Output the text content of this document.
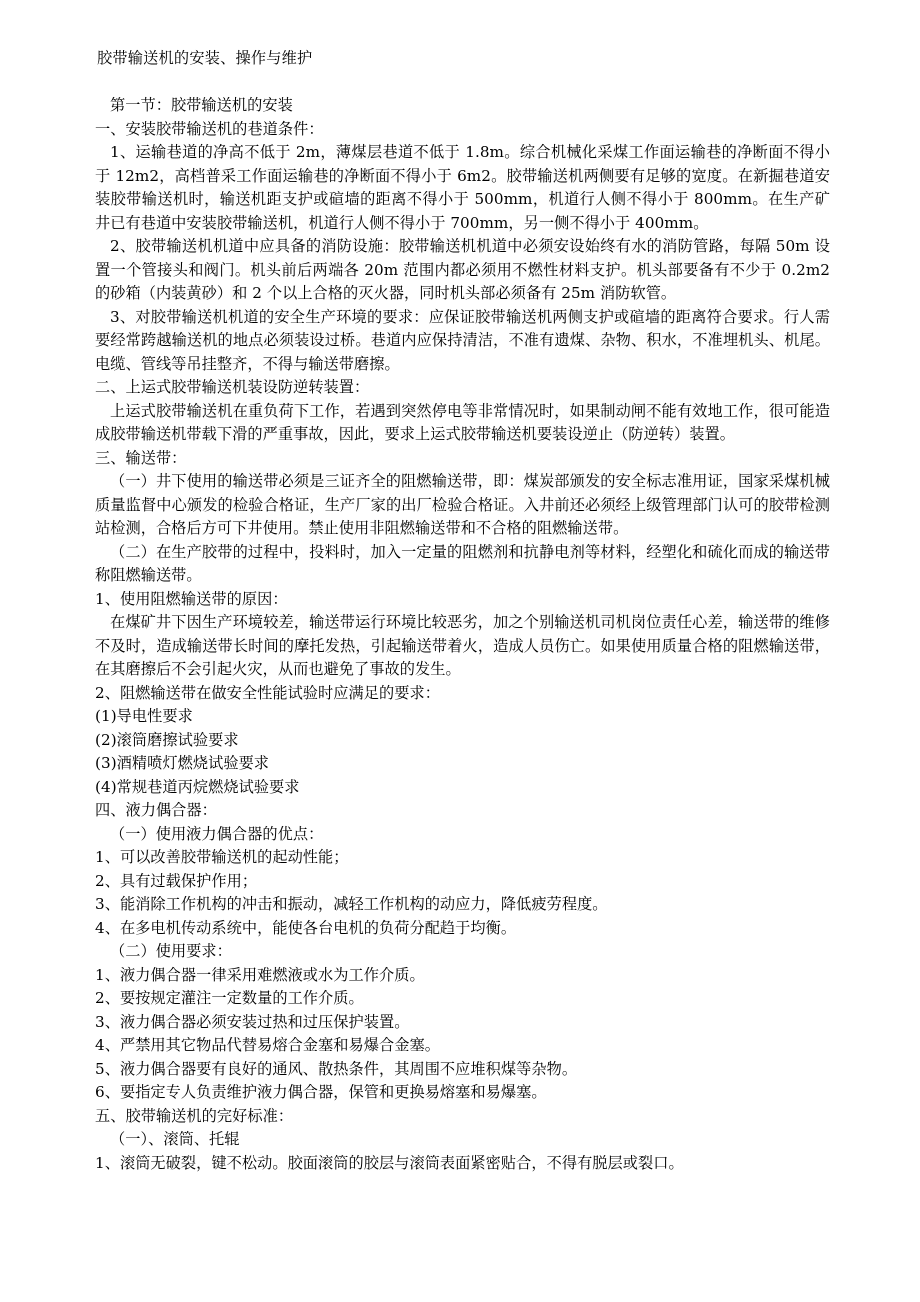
胶带输送机的安装、操作与维护

第一节：胶带输送机的安装

一、安装胶带输送机的巷道条件：

1、运输巷道的净高不低于 2m，薄煤层巷道不低于 1.8m。综合机械化采煤工作面运输巷的净断面不得小于 12m2，高档普采工作面运输巷的净断面不得小于 6m2。胶带输送机两侧要有足够的宽度。在新掘巷道安装胶带输送机时，输送机距支护或碹墙的距离不得小于 500mm，机道行人侧不得小于 800mm。在生产矿井已有巷道中安装胶带输送机，机道行人侧不得小于 700mm，另一侧不得小于 400mm。

2、胶带输送机机道中应具备的消防设施：胶带输送机机道中必须安设始终有水的消防管路，每隔 50m 设置一个管接头和阀门。机头前后两端各 20m 范围内都必须用不燃性材料支护。机头部要备有不少于 0.2m2 的砂箱（内装黄砂）和 2 个以上合格的灭火器，同时机头部必须备有 25m 消防软管。

3、对胶带输送机机道的安全生产环境的要求：应保证胶带输送机两侧支护或碹墙的距离符合要求。行人需要经常跨越输送机的地点必须装设过桥。巷道内应保持清洁，不准有遗煤、杂物、积水，不准埋机头、机尾。电缆、管线等吊挂整齐，不得与输送带磨擦。

二、上运式胶带输送机装设防逆转装置：

上运式胶带输送机在重负荷下工作，若遇到突然停电等非常情况时，如果制动闸不能有效地工作，很可能造成胶带输送机带载下滑的严重事故，因此，要求上运式胶带输送机要装设逆止（防逆转）装置。

三、输送带：

（一）井下使用的输送带必须是三证齐全的阻燃输送带，即：煤炭部颁发的安全标志准用证，国家采煤机械质量监督中心颁发的检验合格证，生产厂家的出厂检验合格证。入井前还必须经上级管理部门认可的胶带检测站检测，合格后方可下井使用。禁止使用非阻燃输送带和不合格的阻燃输送带。

（二）在生产胶带的过程中，投料时，加入一定量的阻燃剂和抗静电剂等材料，经塑化和硫化而成的输送带称阻燃输送带。

1、使用阻燃输送带的原因：

在煤矿井下因生产环境较差，输送带运行环境比较恶劣，加之个别输送机司机岗位责任心差，输送带的维修不及时，造成输送带长时间的摩托发热，引起输送带着火，造成人员伤亡。如果使用质量合格的阻燃输送带，在其磨擦后不会引起火灾，从而也避免了事故的发生。

2、阻燃输送带在做安全性能试验时应满足的要求：

(1)导电性要求

(2)滚筒磨擦试验要求

(3)酒精喷灯燃烧试验要求

(4)常规巷道丙烷燃烧试验要求

四、液力偶合器：

（一）使用液力偶合器的优点：

1、可以改善胶带输送机的起动性能；

2、具有过载保护作用；

3、能消除工作机构的冲击和振动，减轻工作机构的动应力，降低疲劳程度。

4、在多电机传动系统中，能使各台电机的负荷分配趋于均衡。

（二）使用要求：

1、液力偶合器一律采用难燃液或水为工作介质。

2、要按规定灌注一定数量的工作介质。

3、液力偶合器必须安装过热和过压保护装置。

4、严禁用其它物品代替易熔合金塞和易爆合金塞。

5、液力偶合器要有良好的通风、散热条件，其周围不应堆积煤等杂物。

6、要指定专人负责维护液力偶合器，保管和更换易熔塞和易爆塞。

五、胶带输送机的完好标准：

（一）、滚筒、托辊

1、滚筒无破裂，键不松动。胶面滚筒的胶层与滚筒表面紧密贴合，不得有脱层或裂口。
